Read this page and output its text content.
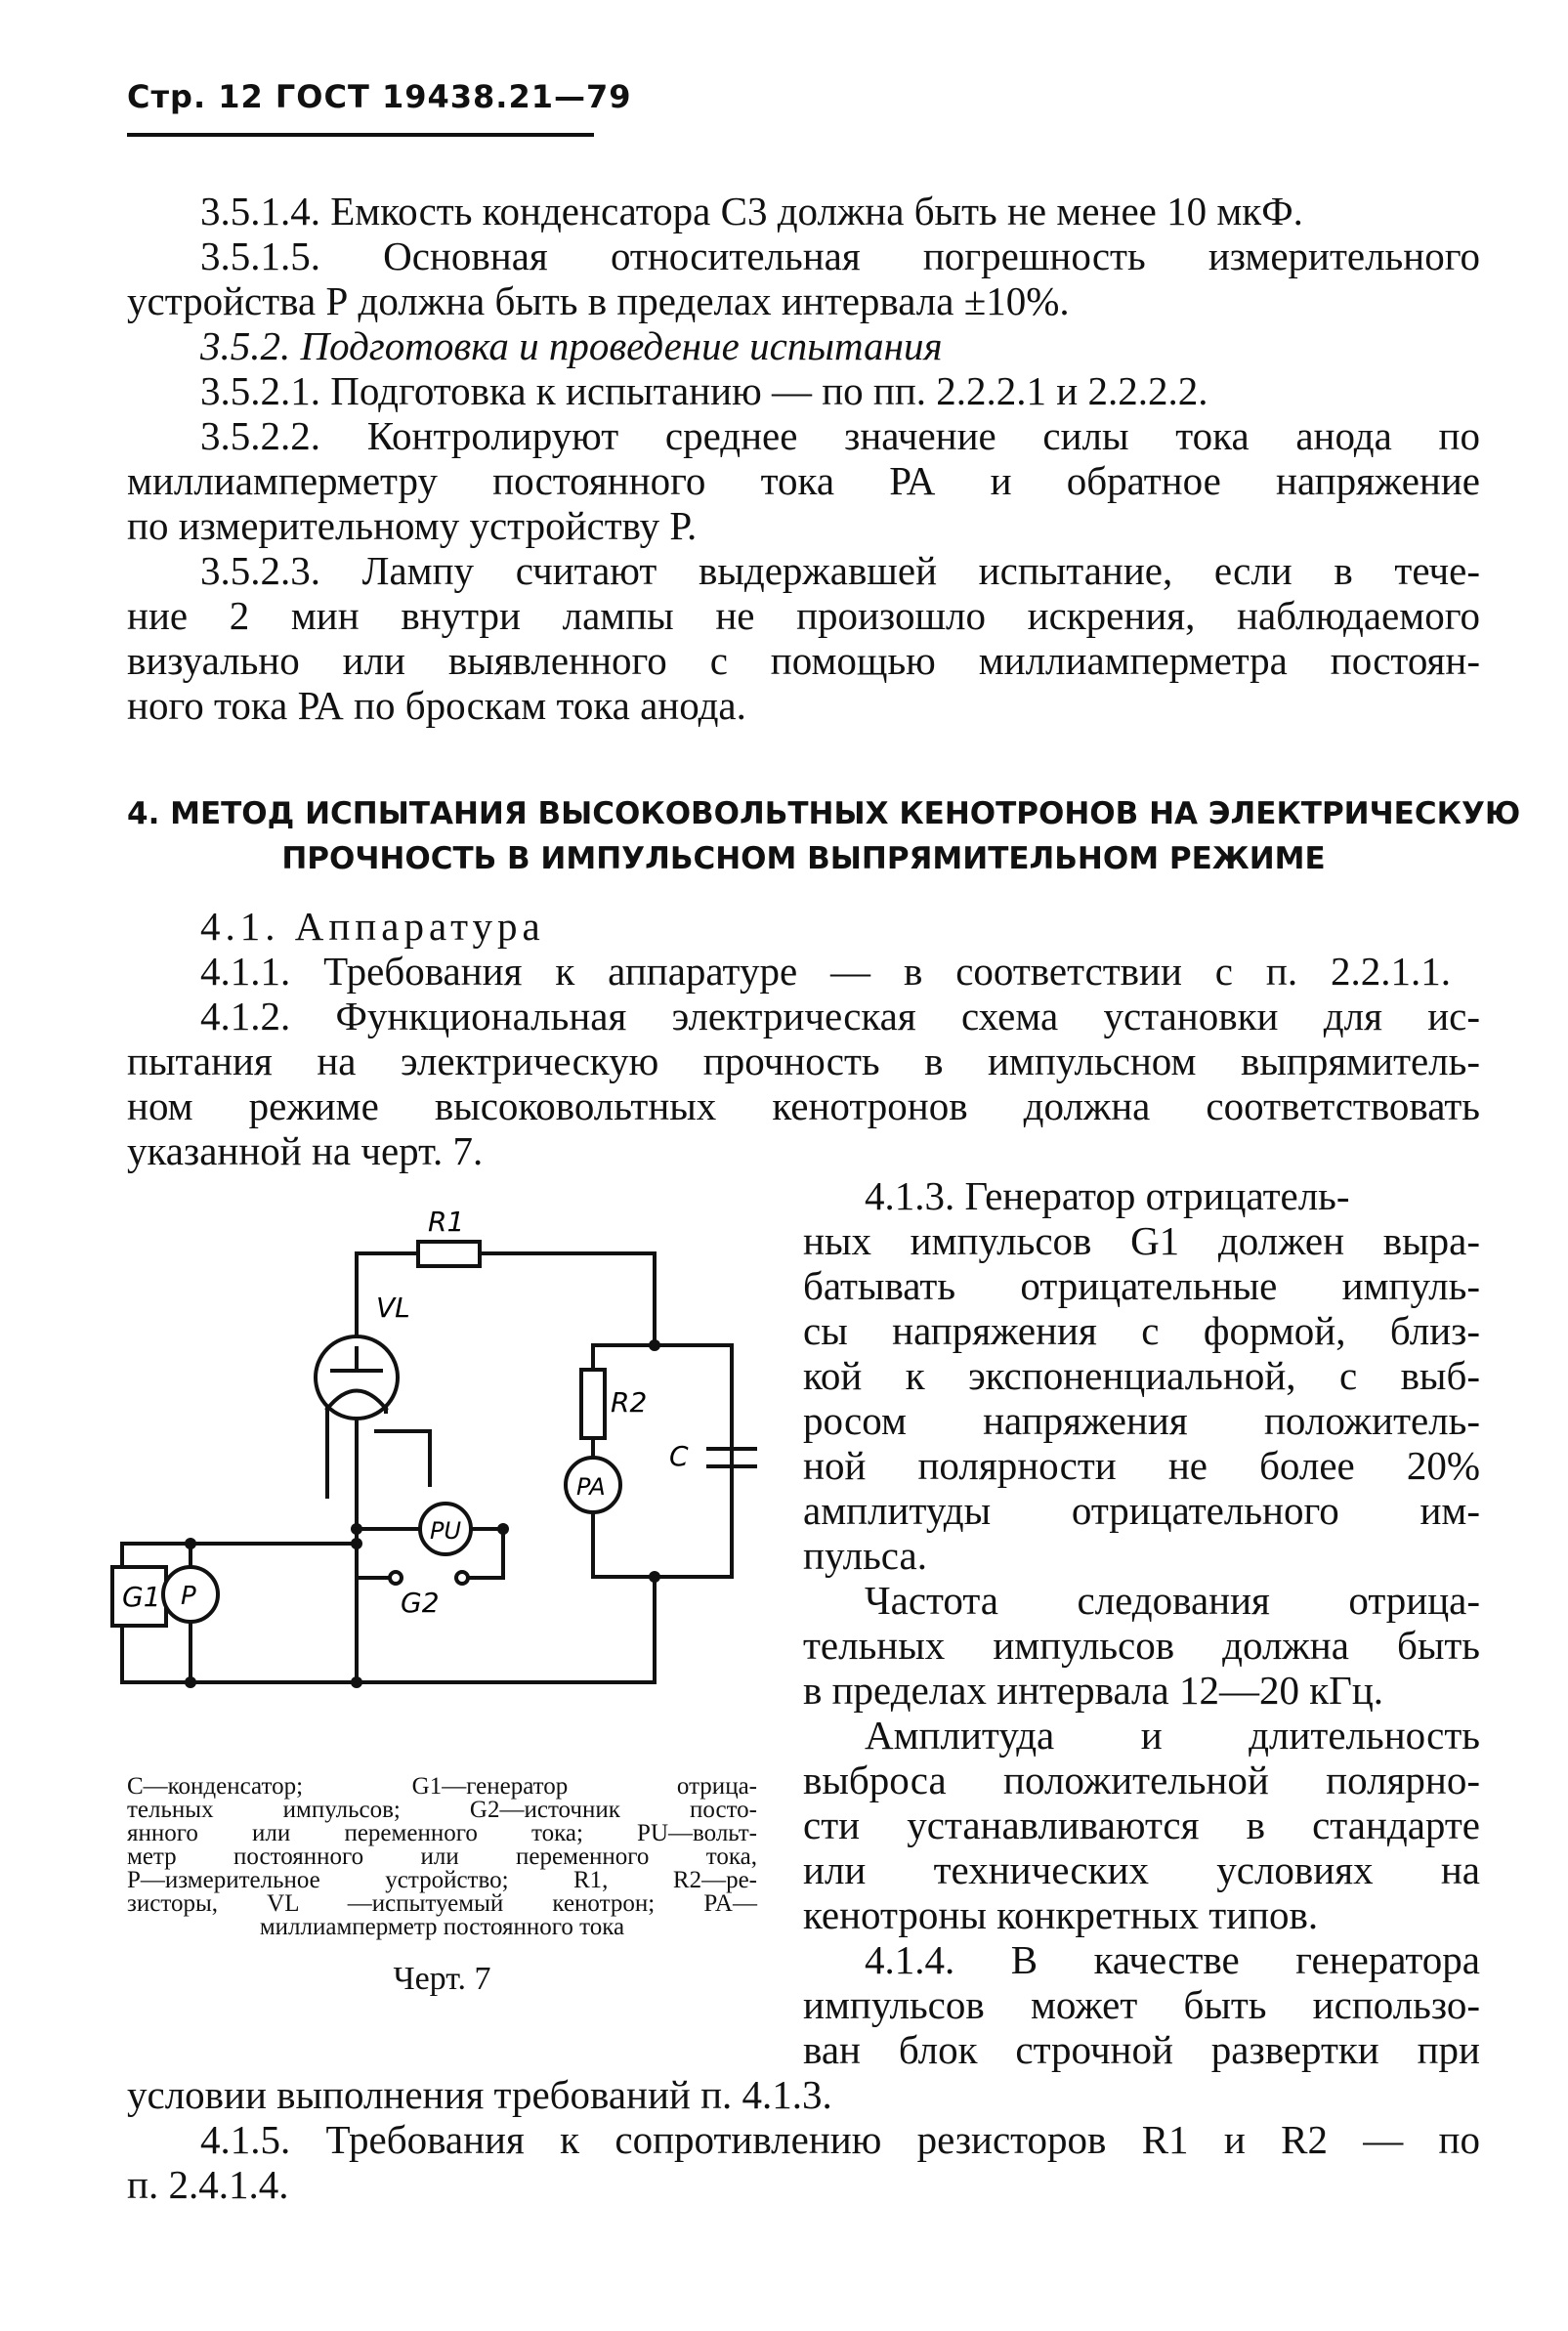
Стр. 12 ГОСТ 19438.21—79
3.5.1.4. Емкость конденсатора С3 должна быть не менее 10 мкФ.
3.5.1.5. Основная относительная погрешность измерительного
устройства Р должна быть в пределах интервала ±10%.
3.5.2. Подготовка и проведение испытания
3.5.2.1. Подготовка к испытанию — по пп. 2.2.2.1 и 2.2.2.2.
3.5.2.2. Контролируют среднее значение силы тока анода по
миллиамперметру постоянного тока РА и обратное напряжение
по измерительному устройству Р.
3.5.2.3. Лампу считают выдержавшей испытание, если в тече-
ние 2 мин внутри лампы не произошло искрения, наблюдаемого
визуально или выявленного с помощью миллиамперметра постоян-
ного тока РА по броскам тока анода.
4. МЕТОД ИСПЫТАНИЯ ВЫСОКОВОЛЬТНЫХ КЕНОТРОНОВ НА ЭЛЕКТРИЧЕСКУЮ
ПРОЧНОСТЬ В ИМПУЛЬСНОМ ВЫПРЯМИТЕЛЬНОМ РЕЖИМЕ
4.1. Аппаратура
4.1.1. Требования к аппаратуре — в соответствии с п. 2.2.1.1.
4.1.2. Функциональная электрическая схема установки для ис-
пытания на электрическую прочность в импульсном выпрямитель-
ном режиме высоковольтных кенотронов должна соответствовать
указанной на черт. 7.
4.1.3. Генератор отрицатель-
ных импульсов G1 должен выра-
батывать отрицательные импуль-
сы напряжения с формой, близ-
кой к экспоненциальной, с выб-
росом напряжения положитель-
ной полярности не более 20%
амплитуды отрицательного им-
пульса.
Частота следования отрица-
тельных импульсов должна быть
в пределах интервала 12—20 кГц.
Амплитуда и длительность
выброса положительной полярно-
сти устанавливаются в стандарте
или технических условиях на
кенотроны конкретных типов.
4.1.4. В качестве генератора
импульсов может быть использо-
ван блок строчной развертки при
условии выполнения требований п. 4.1.3.
4.1.5. Требования к сопротивлению резисторов R1 и R2 — по
п. 2.4.1.4.
R1
VL
R2
C
PA
PU
G2
G1 P
С—конденсатор; G1—генератор отрица-
тельных импульсов; G2—источник посто-
янного или переменного тока; PU—вольт-
метр постоянного или переменного тока,
Р—измерительное устройство; R1, R2—ре-
зисторы, VL —испытуемый кенотрон; PA—
миллиамперметр постоянного тока
Черт. 7
